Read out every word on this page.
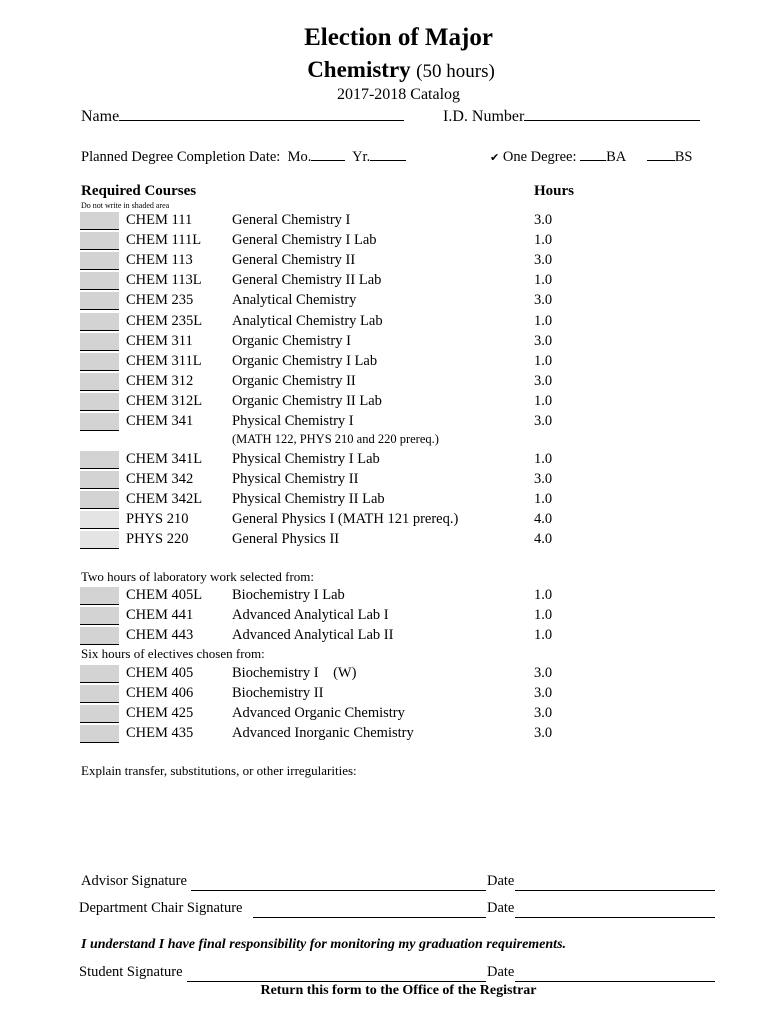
Election of Major
Chemistry (50 hours)
2017-2018 Catalog
Name	I.D. Number
Planned Degree Completion Date: Mo.	Yr.	✔ One Degree: BA	BS
Required Courses	Hours
Do not write in shaded area
CHEM 111	General Chemistry I	3.0
CHEM 111L General Chemistry I Lab	1.0
CHEM 113	General Chemistry II	3.0
CHEM 113L General Chemistry II Lab	1.0
CHEM 235	Analytical Chemistry	3.0
CHEM 235L Analytical Chemistry Lab	1.0
CHEM 311	Organic Chemistry I	3.0
CHEM 311L Organic Chemistry I Lab	1.0
CHEM 312	Organic Chemistry II	3.0
CHEM 312L Organic Chemistry II Lab	1.0
CHEM 341	Physical Chemistry I	3.0
CHEM 341L Physical Chemistry I Lab	1.0
CHEM 342	Physical Chemistry II	3.0
CHEM 342L Physical Chemistry II Lab	1.0
PHYS 210	General Physics I (MATH 121 prereq.)	4.0
PHYS 220	General Physics II	4.0
CHEM 405L Biochemistry I Lab	1.0
CHEM 441	Advanced Analytical Lab I	1.0
CHEM 443	Advanced Analytical Lab II	1.0
CHEM 405	Biochemistry I    (W)	3.0
CHEM 406	Biochemistry II	3.0
CHEM 425	Advanced Organic Chemistry	3.0
CHEM 435	Advanced Inorganic Chemistry	3.0
(MATH 122, PHYS 210 and 220 prereq.)
Two hours of laboratory work selected from:
Six hours of electives chosen from:
Explain transfer, substitutions, or other irregularities:
Advisor Signature	Date
Department Chair Signature	Date
I understand I have final responsibility for monitoring my graduation requirements.
Student Signature	Date
Return this form to the Office of the Registrar
